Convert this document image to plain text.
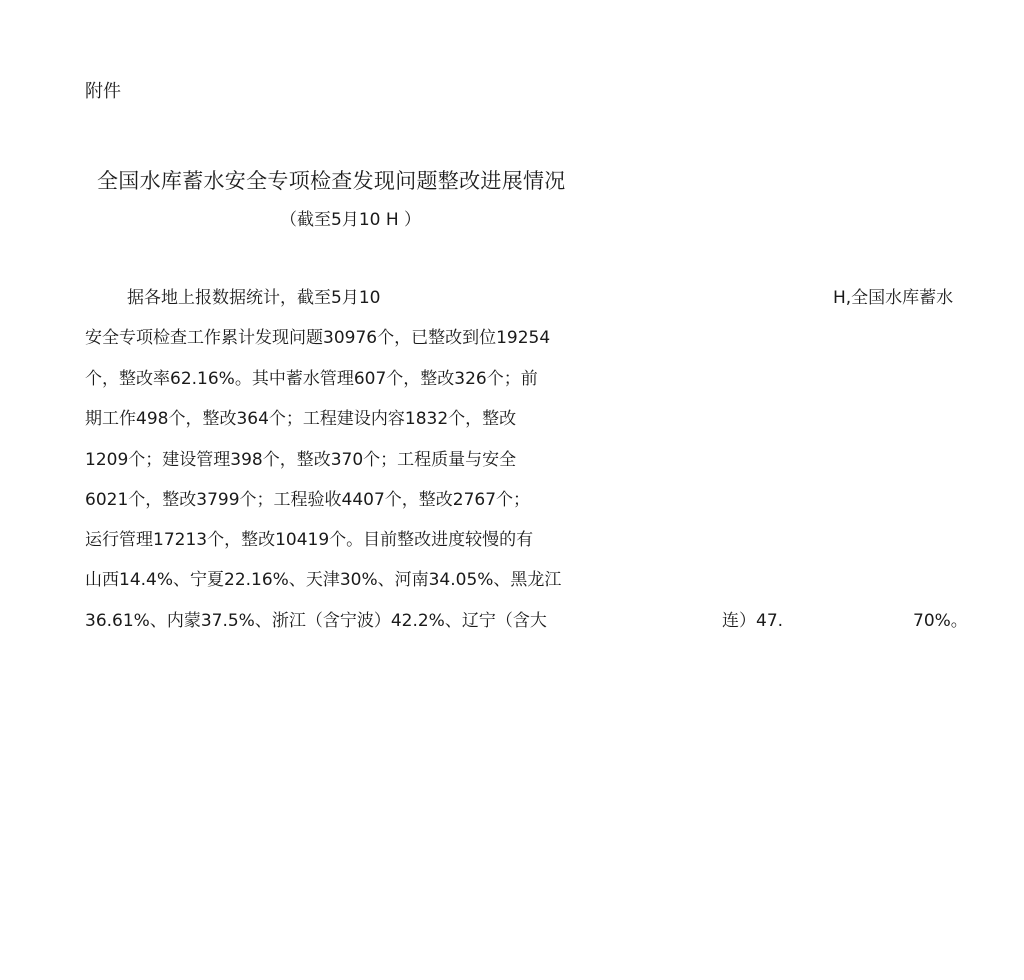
附件
全国水库蓄水安全专项检查发现问题整改进展情况
（截至5月10 H ）
据各地上报数据统计，截至5月10	H,全国水库蓄水
安全专项检查工作累计发现问题30976个，已整改到位19254
个，整改率62.16%。其中蓄水管理607个，整改326个；前
期工作498个，整改364个；工程建设内容1832个，整改
1209个；建设管理398个，整改370个；工程质量与安全
6021个，整改3799个；工程验收4407个，整改2767个；
运行管理17213个，整改10419个。目前整改进度较慢的有
山西14.4%、宁夏22.16%、天津30%、河南34.05%、黑龙江
36.61%、内蒙37.5%、浙江（含宁波）42.2%、辽宁（含大	连）47.	70%。
